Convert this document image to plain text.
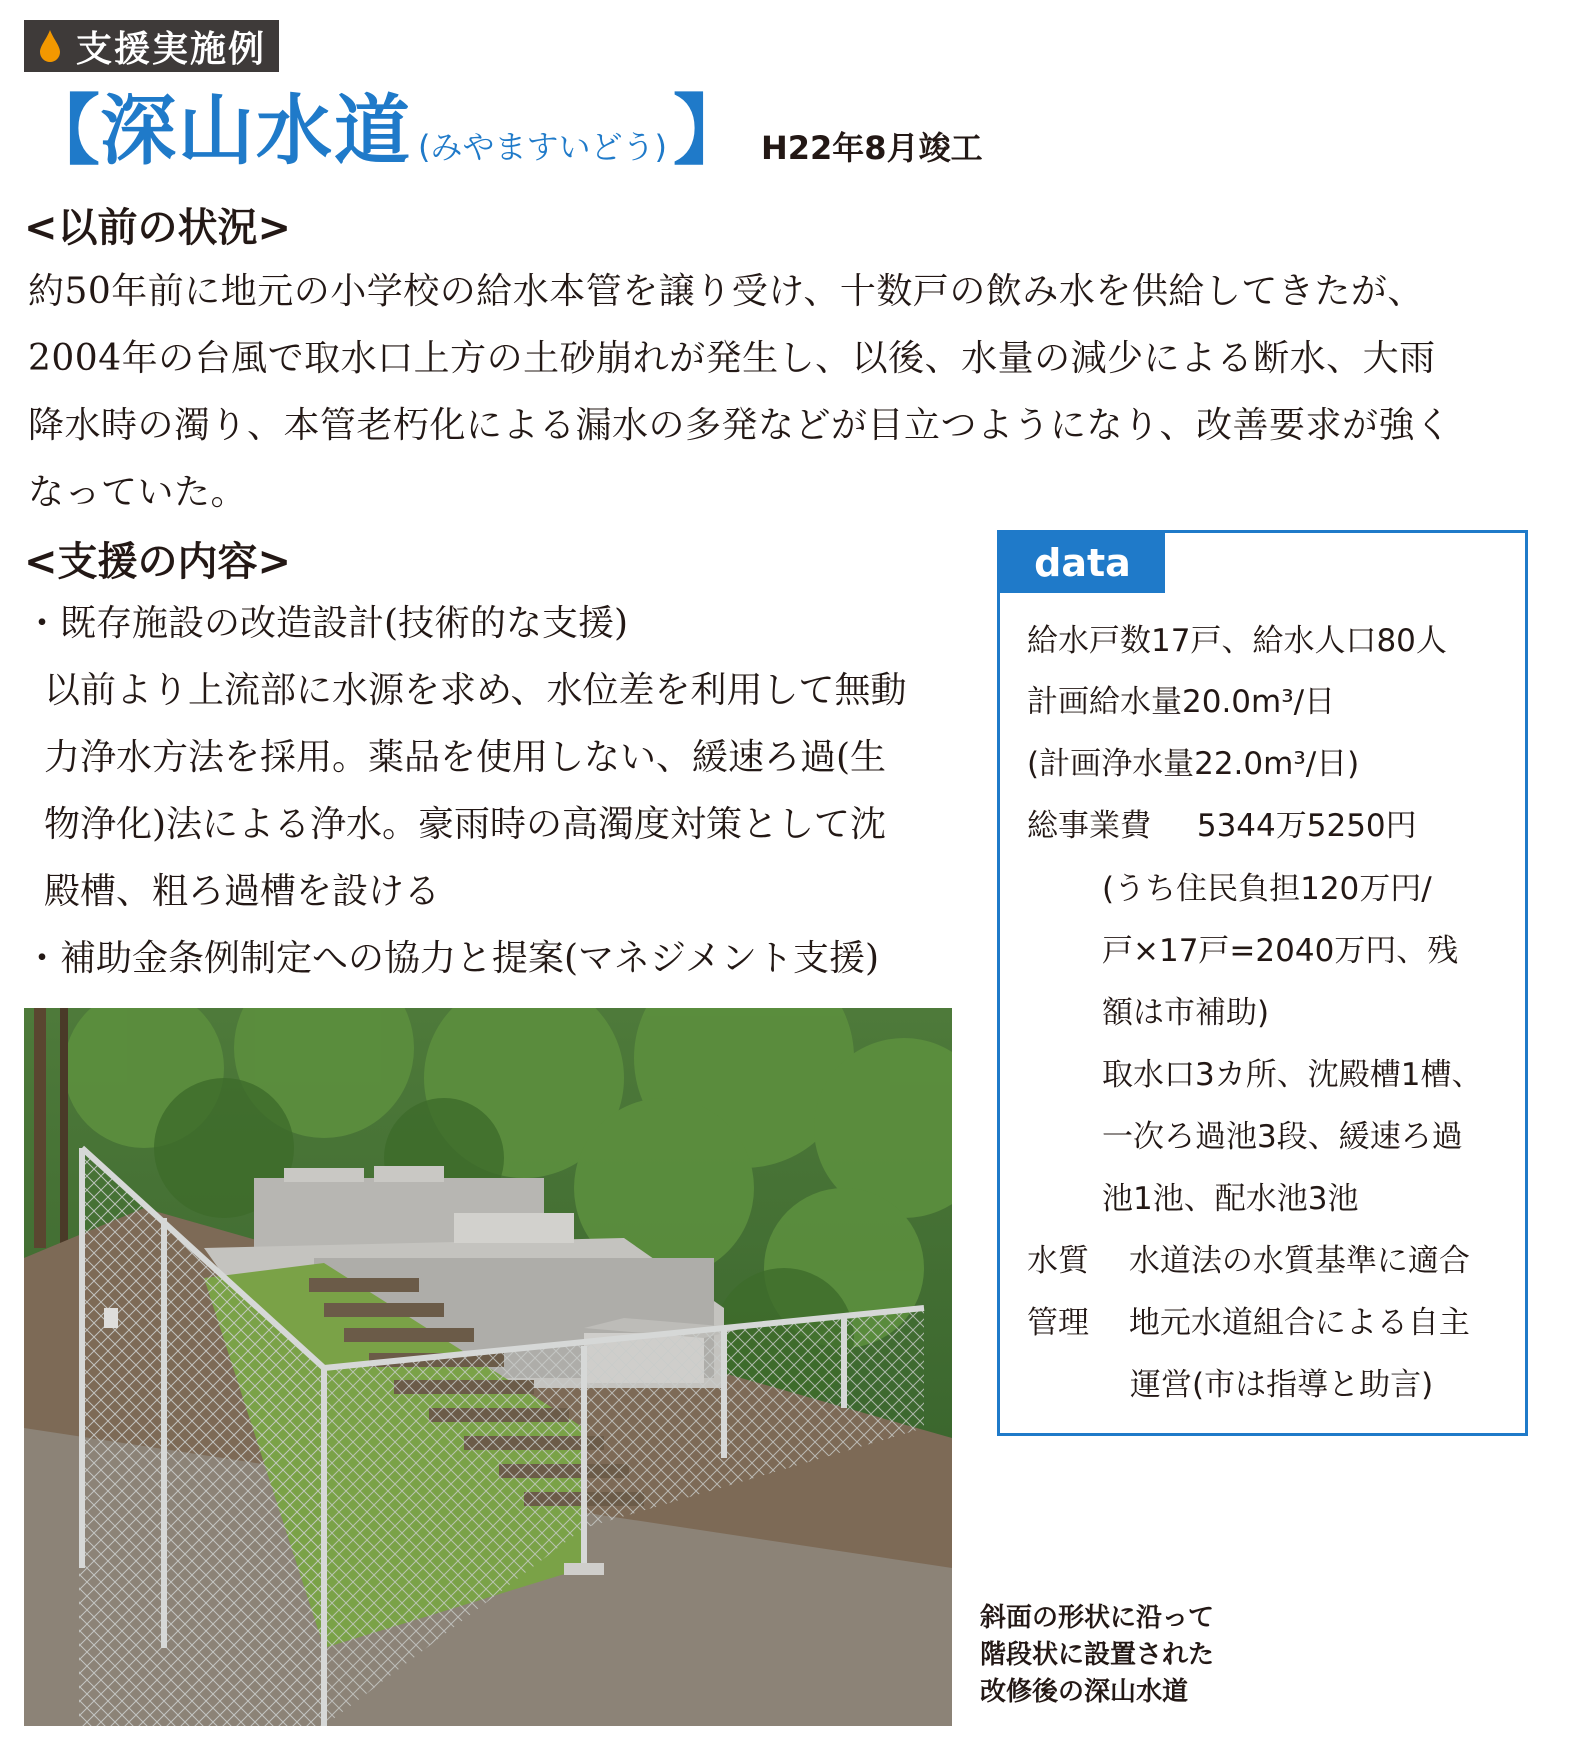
支援実施例
【 深山水道 (みやますいどう) 】 H22年8月竣工
<以前の状況>
約50年前に地元の小学校の給水本管を譲り受け、十数戸の飲み水を供給してきたが、
2004年の台風で取水口上方の土砂崩れが発生し、以後、水量の減少による断水、大雨
降水時の濁り、本管老朽化による漏水の多発などが目立つようになり、改善要求が強く
なっていた。
<支援の内容>
・既存施設の改造設計(技術的な支援)
以前より上流部に水源を求め、水位差を利用して無動
力浄水方法を採用。薬品を使用しない、緩速ろ過(生
物浄化)法による浄水。豪雨時の高濁度対策として沈
殿槽、粗ろ過槽を設ける
・補助金条例制定への協力と提案(マネジメント支援)
斜面の形状に沿って
階段状に設置された
改修後の深山水道
data
給水戸数17戸、給水人口80人
計画給水量20.0m³/日
(計画浄水量22.0m³/日)
総事業費 5344万5250円
(うち住民負担120万円/
戸×17戸=2040万円、残
額は市補助)
取水口3カ所、沈殿槽1槽、
一次ろ過池3段、緩速ろ過
池1池、配水池3池
水質 水道法の水質基準に適合
管理 地元水道組合による自主
運営(市は指導と助言)
